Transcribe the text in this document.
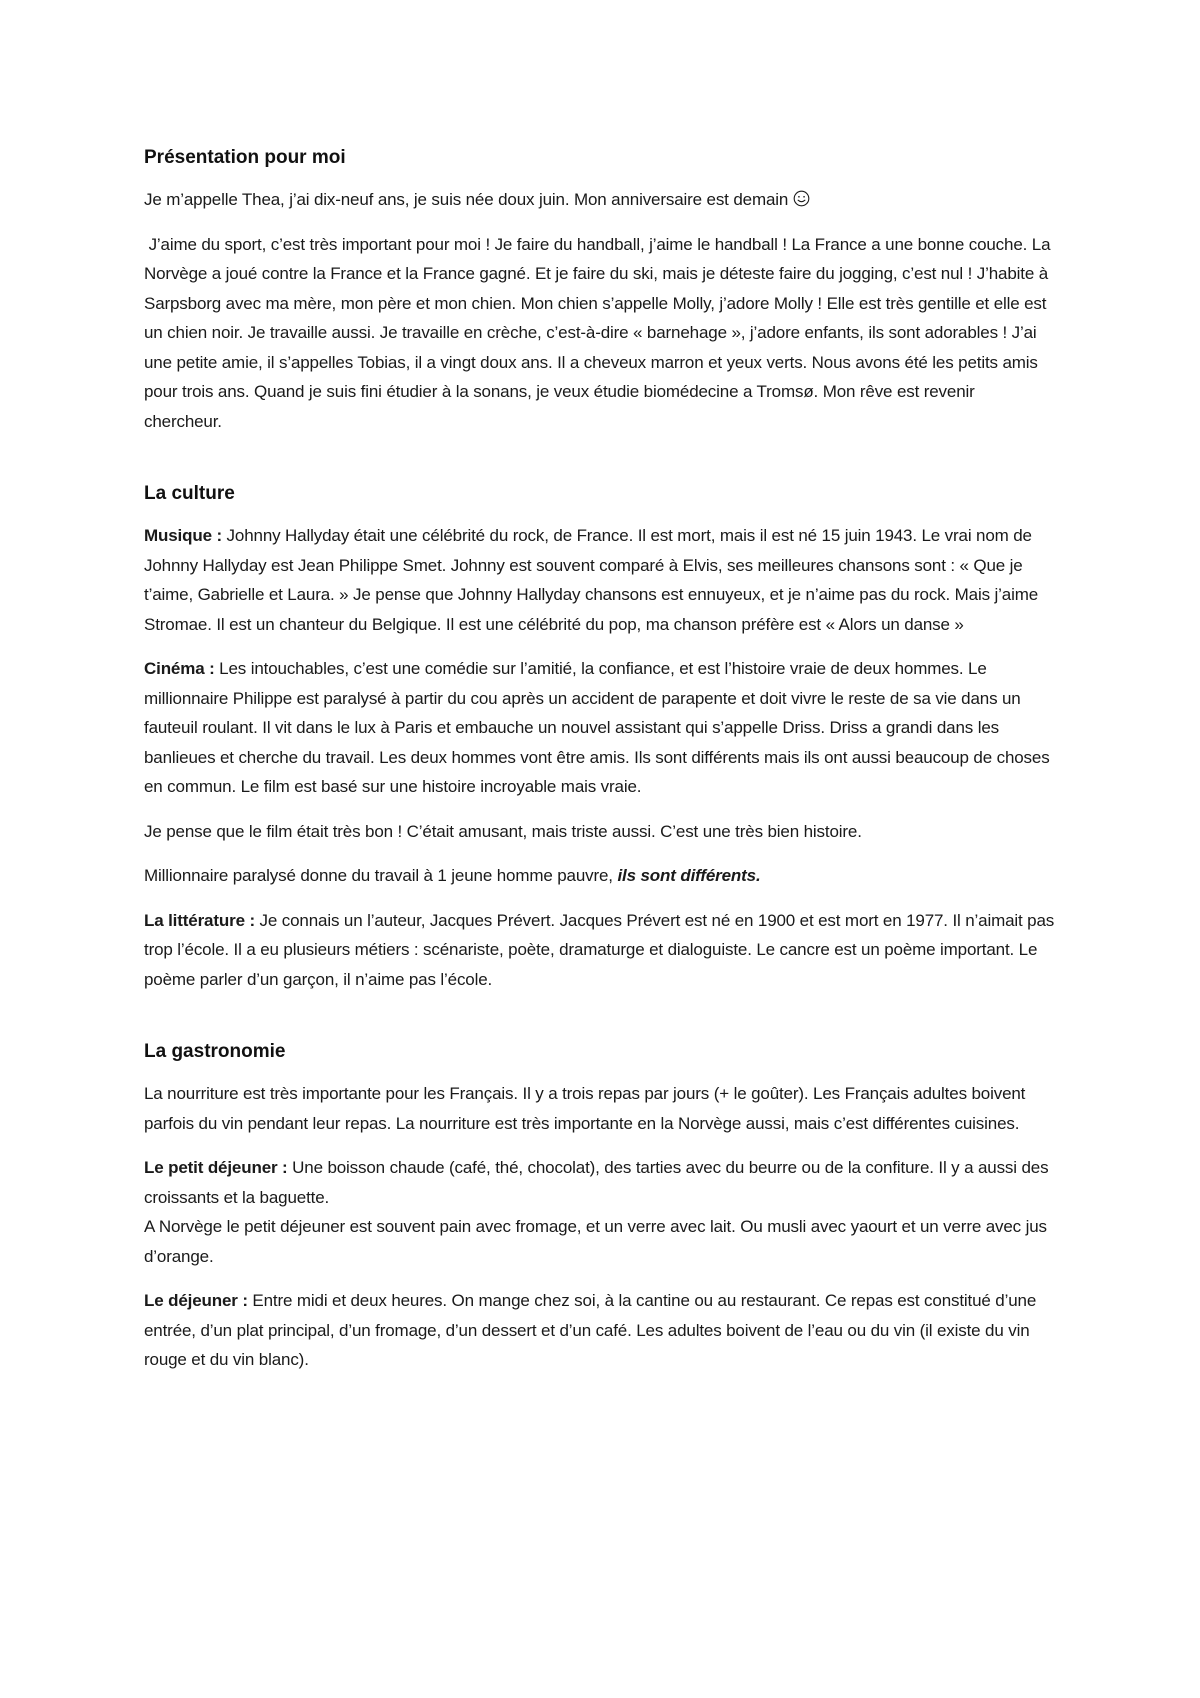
Présentation pour moi

Je m’appelle Thea, j’ai dix-neuf ans, je suis née doux juin. Mon anniversaire est demain

J’aime du sport, c’est très important pour moi ! Je faire du handball, j’aime le handball ! La France a une bonne couche. La Norvège a joué contre la France et la France gagné. Et je faire du ski, mais je déteste faire du jogging, c’est nul ! J’habite à Sarpsborg avec ma mère, mon père et mon chien. Mon chien s’appelle Molly, j’adore Molly ! Elle est très gentille et elle est un chien noir. Je travaille aussi. Je travaille en crèche, c’est-à-dire « barnehage », j’adore enfants, ils sont adorables ! J’ai une petite amie, il s’appelles Tobias, il a vingt doux ans. Il a cheveux marron et yeux verts. Nous avons été les petits amis pour trois ans. Quand je suis fini étudier à la sonans, je veux étudie biomédecine a Tromsø. Mon rêve est revenir chercheur.

La culture

Musique : Johnny Hallyday était une célébrité du rock, de France. Il est mort, mais il est né 15 juin 1943. Le vrai nom de Johnny Hallyday est Jean Philippe Smet. Johnny est souvent comparé à Elvis, ses meilleures chansons sont : « Que je t’aime, Gabrielle et Laura. » Je pense que Johnny Hallyday chansons est ennuyeux, et je n’aime pas du rock. Mais j’aime Stromae. Il est un chanteur du Belgique. Il est une célébrité du pop, ma chanson préfère est « Alors un danse »

Cinéma : Les intouchables, c’est une comédie sur l’amitié, la confiance, et est l’histoire vraie de deux hommes. Le millionnaire Philippe est paralysé à partir du cou après un accident de parapente et doit vivre le reste de sa vie dans un fauteuil roulant. Il vit dans le lux à Paris et embauche un nouvel assistant qui s’appelle Driss. Driss a grandi dans les banlieues et cherche du travail. Les deux hommes vont être amis. Ils sont différents mais ils ont aussi beaucoup de choses en commun. Le film est basé sur une histoire incroyable mais vraie.

Je pense que le film était très bon ! C’était amusant, mais triste aussi. C’est une très bien histoire.

Millionnaire paralysé donne du travail à 1 jeune homme pauvre, ils sont différents.

La littérature : Je connais un l’auteur, Jacques Prévert. Jacques Prévert est né en 1900 et est mort en 1977. Il n’aimait pas trop l’école. Il a eu plusieurs métiers : scénariste, poète, dramaturge et dialoguiste. Le cancre est un poème important. Le poème parler d’un garçon, il n’aime pas l’école.

La gastronomie

La nourriture est très importante pour les Français. Il y a trois repas par jours (+ le goûter). Les Français adultes boivent parfois du vin pendant leur repas. La nourriture est très importante en la Norvège aussi, mais c’est différentes cuisines.

Le petit déjeuner : Une boisson chaude (café, thé, chocolat), des tarties avec du beurre ou de la confiture. Il y a aussi des croissants et la baguette.
A Norvège le petit déjeuner est souvent pain avec fromage, et un verre avec lait. Ou musli avec yaourt et un verre avec jus d’orange.

Le déjeuner : Entre midi et deux heures. On mange chez soi, à la cantine ou au restaurant. Ce repas est constitué d’une entrée, d’un plat principal, d’un fromage, d’un dessert et d’un café. Les adultes boivent de l’eau ou du vin (il existe du vin rouge et du vin blanc).
